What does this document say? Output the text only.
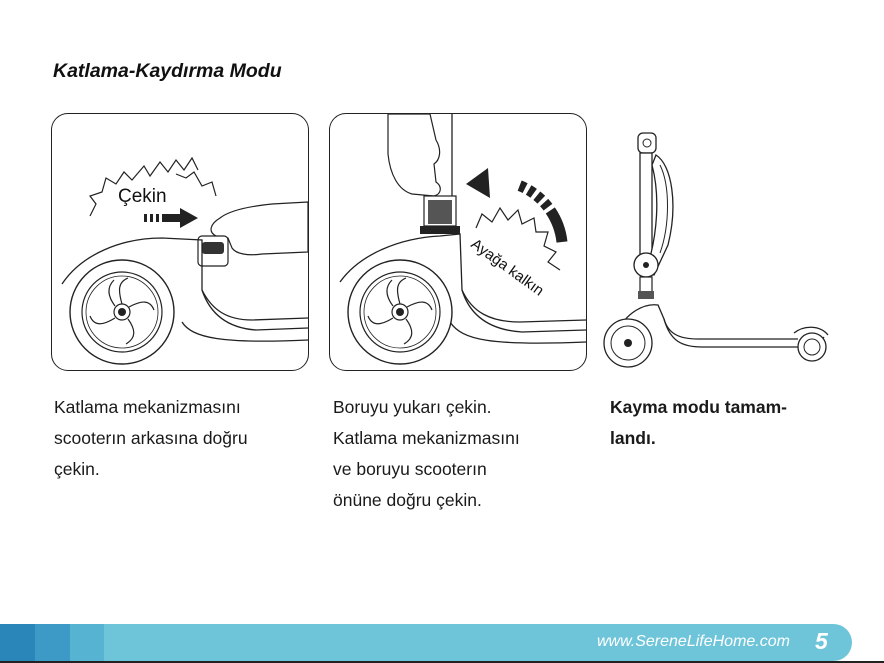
Katlama-Kaydırma Modu
Çekin
Ayağa kalkın
Katlama mekanizmasını
scooterın arkasına doğru
çekin.
Boruyu yukarı çekin.
Katlama mekanizmasını
ve boruyu scooterın
önüne doğru çekin.
Kayma modu tamam-
landı.
www.SereneLifeHome.com 5
